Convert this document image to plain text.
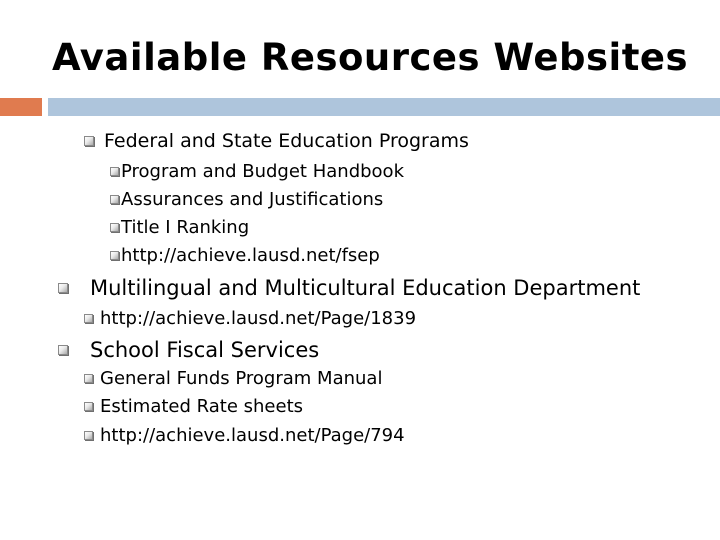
Available Resources Websites
Federal and State Education Programs
Program and Budget Handbook
Assurances and Justifications
Title I Ranking
http://achieve.lausd.net/fsep
Multilingual and Multicultural Education Department
http://achieve.lausd.net/Page/1839
School Fiscal Services
General Funds Program Manual
Estimated Rate sheets
http://achieve.lausd.net/Page/794
